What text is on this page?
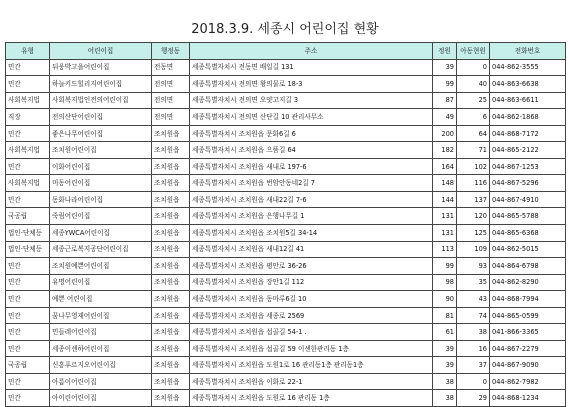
2018.3.9. 세종시 어린이집 현황
유형	어린이집	행정동	주소	정원	아동현원	전화번호
민간	뒤웅박고을어린이집	전동면	세종특별자치시 전동면 배일길 131	39	0	044-862-3555
민간	하늘키드힐리지어린이집	전의면	세종특별자치시 전의면 왕의물로 18-3	99	40	044-863-6638
사회복지법	사회복지법인전의어린이집	전의면	세종특별자치시 전의면 오얏고지길 3	87	25	044-863-6611
직장	전의산단어린이집	전의면	세종특별자치시 전의면 산단길 10 관리사무소	49	6	044-862-1868
민간	좋은나무어린이집	조치원읍	세종특별자치시 조치원읍 문화6길 6	200	64	044-868-7172
사회복지법	조치원어린이집	조치원읍	세종특별자치시 조치원읍 으뜸길 64	182	71	044-865-2122
민간	이화어린이집	조치원읍	세종특별자치시 조치원읍 새내로 197-6	164	102	044-867-1253
사회복지법	미동어린이집	조치원읍	세종특별자치시 조치원읍 번암안동네2길 7	148	116	044-867-5296
민간	동화나라어린이집	조치원읍	세종특별자치시 조치원읍 새내22길 7-6	144	137	044-867-4910
국공립	죽림어린이집	조치원읍	세종특별자치시 조치원읍 은행나무길 1	131	120	044-865-5788
법인·단체등	세종YWCA어린이집	조치원읍	세종특별자치시 조치원읍 조치원5길 34-14	131	125	044-865-6368
법인·단체등	세종근로복지공단어린이집	조치원읍	세종특별자치시 조치원읍 새내12길 41	113	109	044-862-5015
민간	조치원예쁜어린이집	조치원읍	세종특별자치시 조치원읍 평안로 36-26	99	93	044-864-6798
민간	유명어린이집	조치원읍	세종특별자치시 조치원읍 장안1길 112	98	35	044-862-8290
민간	예쁜 어린이집	조치원읍	세종특별자치시 조치원읍 동마루6길 10	90	43	044-868-7994
민간	꿈나무영재어린이집	조치원읍	세종특별자치시 조치원읍 세종로 2569	81	74	044-865-0599
민간	민들레어린이집	조치원읍	세종특별자치시 조치원읍 섭골길 54-1 .	61	38	041-866-3365
민간	세종이센하어린이집	조치원읍	세종특별자치시 조치원읍 섭골길 59 이센한관리동 1층	39	16	044-867-2279
국공립	신흥푸르지오어린이집	조치원읍	세종특별자치시 조치원읍 도원1로 16 관리동1층 관리동1층	39	37	044-867-9090
민간	아름이어린이집	조치원읍	세종특별자치시 조치원읍 이화로 22-1	38	0	044-862-7982
민간	아이린어린이집	조치원읍	세종특별자치시 조치원읍 도원로 16 관리동 1층	38	29	044-868-1234
